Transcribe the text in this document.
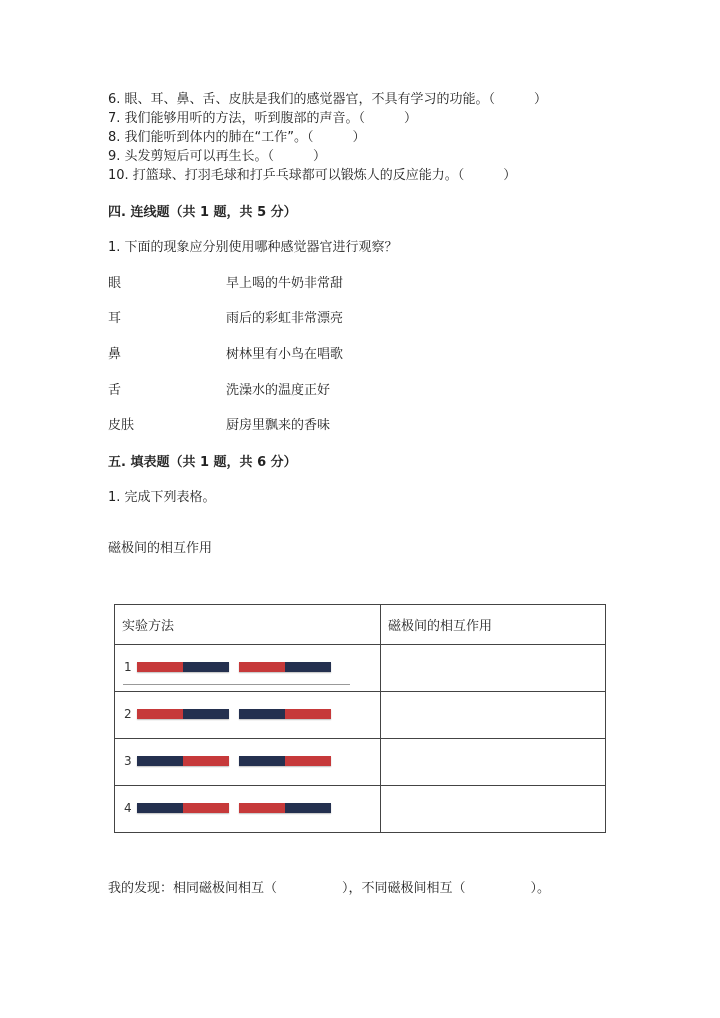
6. 眼、耳、鼻、舌、皮肤是我们的感觉器官，不具有学习的功能。（　　　）
7. 我们能够用听的方法，听到腹部的声音。（　　　）
8. 我们能听到体内的肺在“工作”。（　　　）
9. 头发剪短后可以再生长。（　　　）
10. 打篮球、打羽毛球和打乒乓球都可以锻炼人的反应能力。（　　　）
四. 连线题（共 1 题，共 5 分）
1. 下面的现象应分别使用哪种感觉器官进行观察？
眼	早上喝的牛奶非常甜
耳	雨后的彩虹非常漂亮
鼻	树林里有小鸟在唱歌
舌	洗澡水的温度正好
皮肤	厨房里飘来的香味
五. 填表题（共 1 题，共 6 分）
1. 完成下列表格。
磁极间的相互作用
实验方法	磁极间的相互作用

1	

2	

3	

4	

我的发现：相同磁极间相互（　　　　　），不同磁极间相互（　　　　　）。
